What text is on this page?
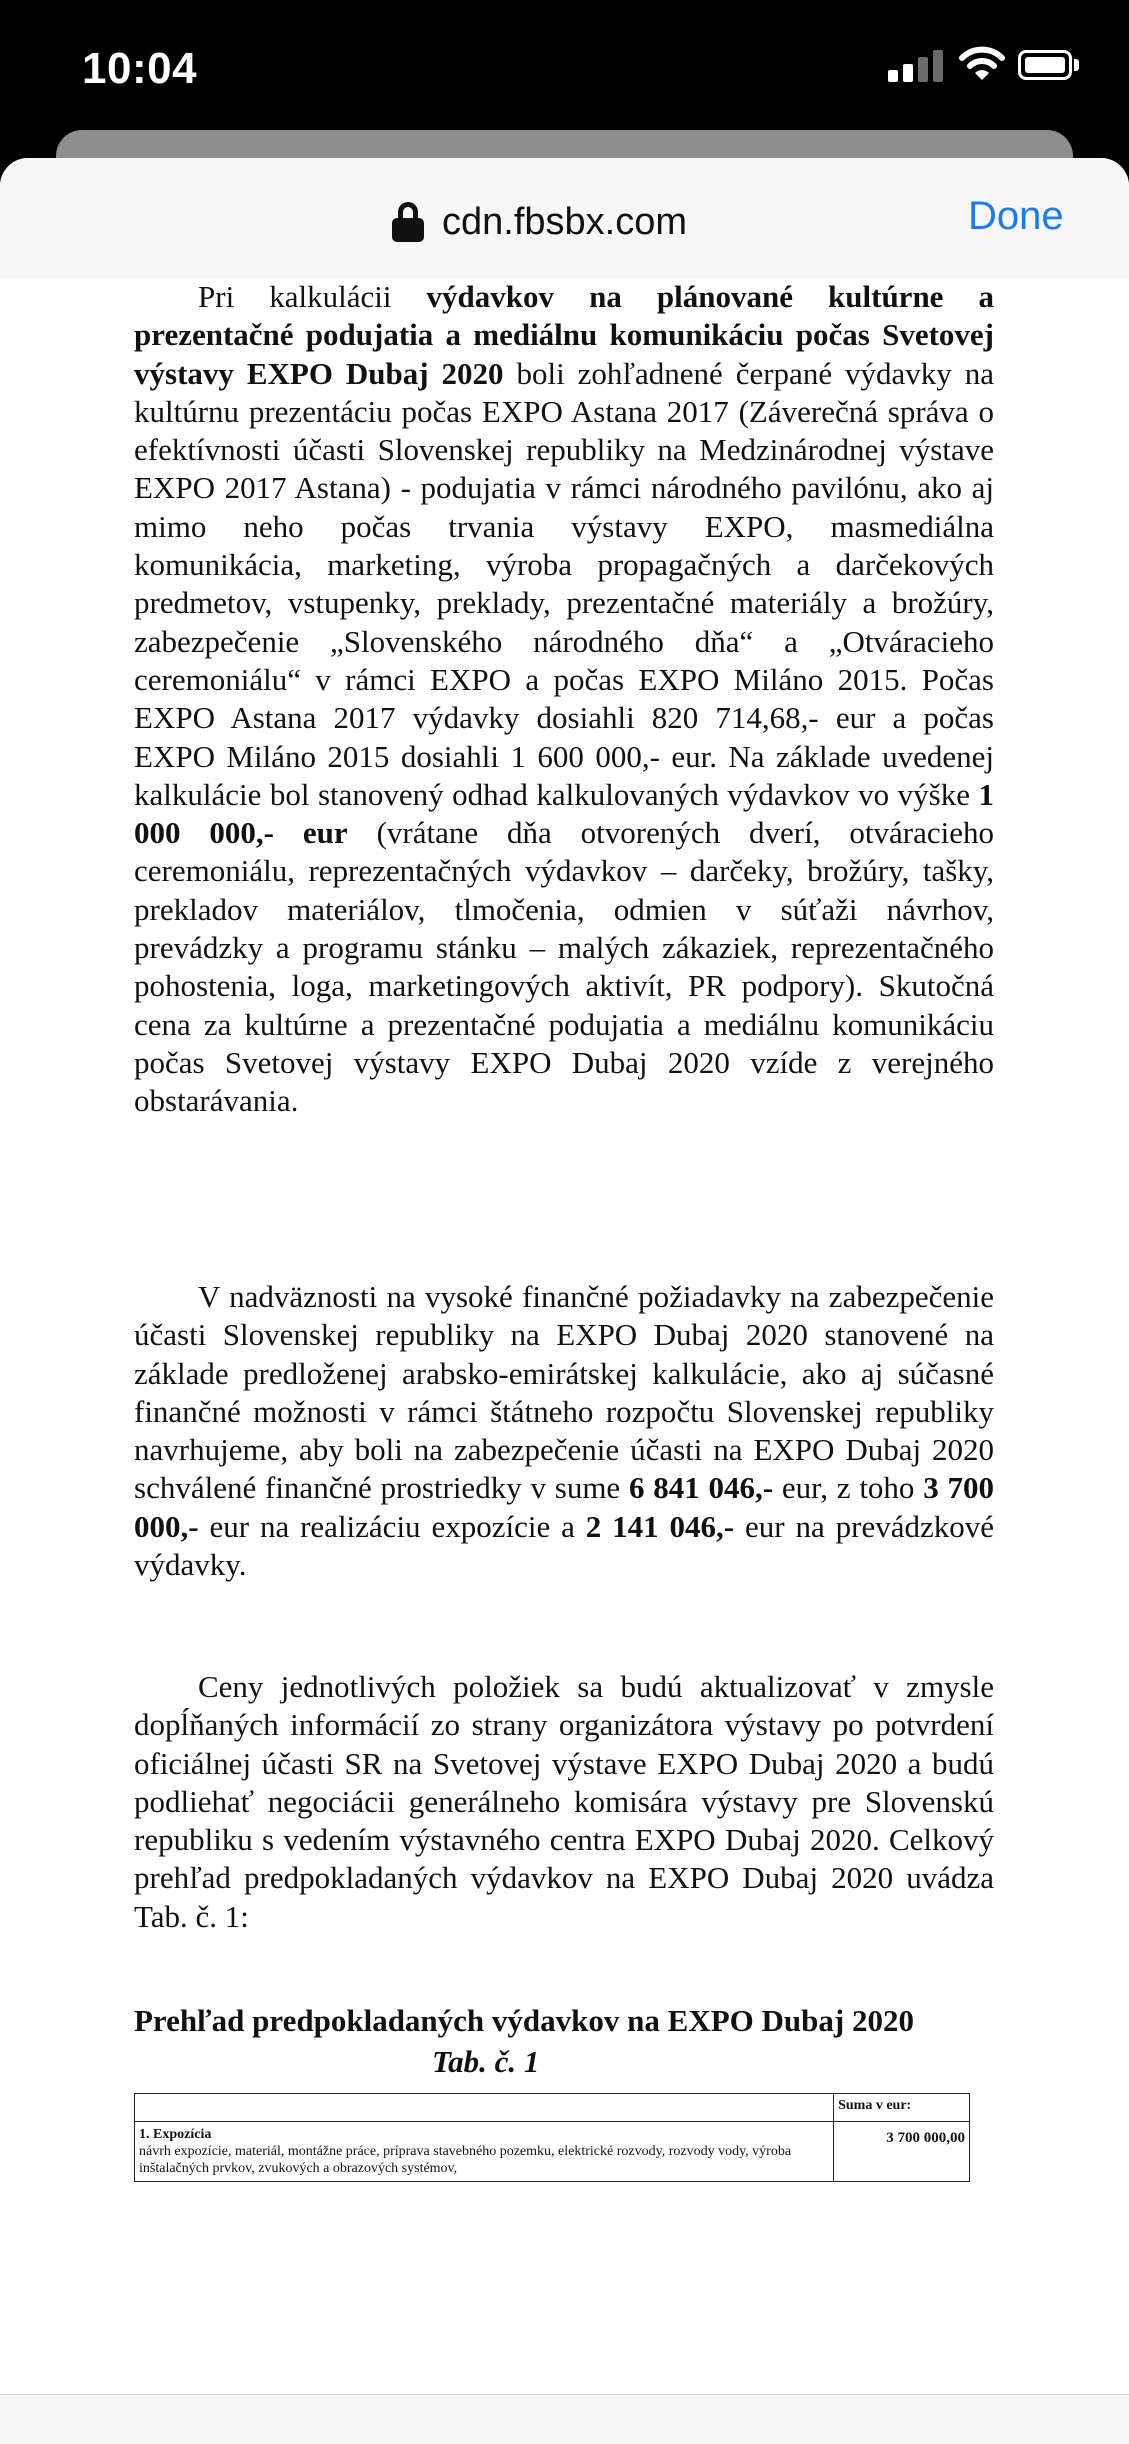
10:04
cdn.fbsbx.com	Done

Pri kalkulácii výdavkov na plánované kultúrne a prezentačné podujatia a mediálnu komunikáciu počas Svetovej výstavy EXPO Dubaj 2020 boli zohľadnené čerpané výdavky na kultúrnu prezentáciu počas EXPO Astana 2017 (Záverečná správa o efektívnosti účasti Slovenskej republiky na Medzinárodnej výstave EXPO 2017 Astana) - podujatia v rámci národného pavilónu, ako aj mimo neho počas trvania výstavy EXPO, masmediálna komunikácia, marketing, výroba propagačných a darčekových predmetov, vstupenky, preklady, prezentačné materiály a brožúry, zabezpečenie „Slovenského národného dňa“ a „Otváracieho ceremoniálu“ v rámci EXPO a počas EXPO Miláno 2015. Počas EXPO Astana 2017 výdavky dosiahli 820 714,68,- eur a počas EXPO Miláno 2015 dosiahli 1 600 000,- eur. Na základe uvedenej kalkulácie bol stanovený odhad kalkulovaných výdavkov vo výške 1 000 000,- eur (vrátane dňa otvorených dverí, otváracieho ceremoniálu, reprezentačných výdavkov – darčeky, brožúry, tašky, prekladov materiálov, tlmočenia, odmien v súťaži návrhov, prevádzky a programu stánku – malých zákaziek, reprezentačného pohostenia, loga, marketingových aktivít, PR podpory). Skutočná cena za kultúrne a prezentačné podujatia a mediálnu komunikáciu počas Svetovej výstavy EXPO Dubaj 2020 vzíde z verejného obstarávania.

V nadväznosti na vysoké finančné požiadavky na zabezpečenie účasti Slovenskej republiky na EXPO Dubaj 2020 stanovené na základe predloženej arabsko-emirátskej kalkulácie, ako aj súčasné finančné možnosti v rámci štátneho rozpočtu Slovenskej republiky navrhujeme, aby boli na zabezpečenie účasti na EXPO Dubaj 2020 schválené finančné prostriedky v sume 6 841 046,- eur, z toho 3 700 000,- eur na realizáciu expozície a 2 141 046,- eur na prevádzkové výdavky.

Ceny jednotlivých položiek sa budú aktualizovať v zmysle dopĺňaných informácií zo strany organizátora výstavy po potvrdení oficiálnej účasti SR na Svetovej výstave EXPO Dubaj 2020 a budú podliehať negociácii generálneho komisára výstavy pre Slovenskú republiku s vedením výstavného centra EXPO Dubaj 2020. Celkový prehľad predpokladaných výdavkov na EXPO Dubaj 2020 uvádza Tab. č. 1:

Prehľad predpokladaných výdavkov na EXPO Dubaj 2020
Tab. č. 1
	Suma v eur:

1. Expozícia
návrh expozície, materiál, montážne práce, príprava stavebného pozemku, elektrické rozvody, rozvody vody, výroba inštalačných prvkov, zvukových a obrazových systémov,	3 700 000,00
